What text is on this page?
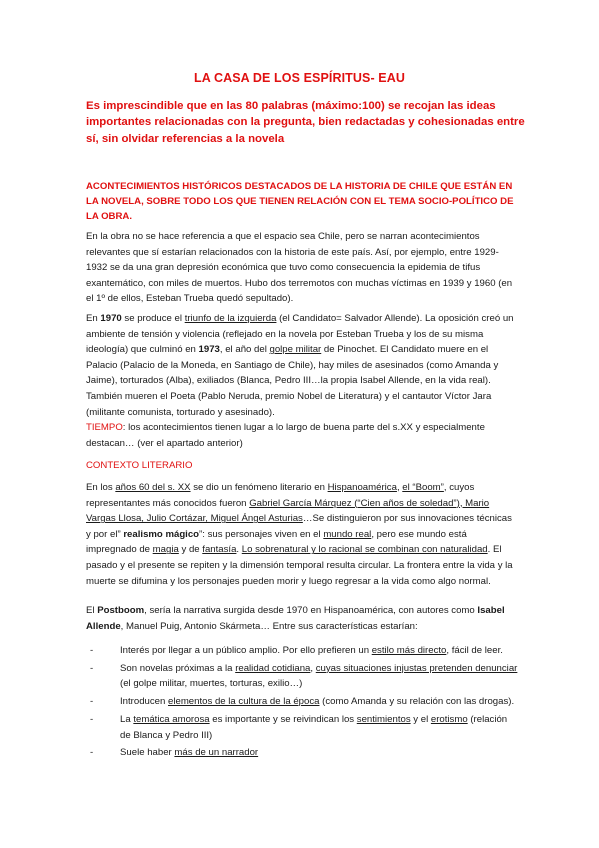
LA CASA DE LOS ESPÍRITUS- EAU
Es imprescindible que en las 80 palabras (máximo:100) se recojan las ideas importantes relacionadas con la pregunta, bien redactadas y cohesionadas entre sí, sin olvidar referencias a la novela
ACONTECIMIENTOS HISTÓRICOS DESTACADOS DE LA HISTORIA DE CHILE QUE ESTÁN EN LA NOVELA, SOBRE TODO LOS QUE TIENEN RELACIÓN CON EL TEMA SOCIO-POLÍTICO DE LA OBRA.

En la obra no se hace referencia a que el espacio sea Chile, pero se narran acontecimientos relevantes que sí estarían relacionados con la historia de este país. Así, por ejemplo, entre 1929-1932 se da una gran depresión económica que tuvo como consecuencia la epidemia de tifus exantemático, con miles de muertos. Hubo dos terremotos con muchas víctimas en 1939 y 1960 (en el 1º de ellos, Esteban Trueba quedó sepultado).

En 1970 se produce el triunfo de la izquierda (el Candidato= Salvador Allende). La oposición creó un ambiente de tensión y violencia (reflejado en la novela por Esteban Trueba y los de su misma ideología) que culminó en 1973, el año del golpe militar de Pinochet. El Candidato muere en el Palacio (Palacio de la Moneda, en Santiago de Chile), hay miles de asesinados (como Amanda y Jaime), torturados (Alba), exiliados (Blanca, Pedro III…la propia Isabel Allende, en la vida real). También mueren el Poeta (Pablo Neruda, premio Nobel de Literatura) y el cantautor Víctor Jara (militante comunista, torturado y asesinado).

TIEMPO: los acontecimientos tienen lugar a lo largo de buena parte del s.XX y especialmente destacan… (ver el apartado anterior)

CONTEXTO LITERARIO

En los años 60 del s. XX se dio un fenómeno literario en Hispanoamérica, el “Boom”, cuyos representantes más conocidos fueron Gabriel García Márquez (“Cien años de soledad”), Mario Vargas Llosa, Julio Cortázar, Miguel Ángel Asturias…Se distinguieron por sus innovaciones técnicas y por el” realismo mágico”: sus personajes viven en el mundo real, pero ese mundo está impregnado de magia y de fantasía. Lo sobrenatural y lo racional se combinan con naturalidad. El pasado y el presente se repiten y la dimensión temporal resulta circular. La frontera entre la vida y la muerte se difumina y los personajes pueden morir y luego regresar a la vida como algo normal.

El Postboom, sería la narrativa surgida desde 1970 en Hispanoamérica, con autores como Isabel Allende, Manuel Puig, Antonio Skármeta… Entre sus características estarían:

-	Interés por llegar a un público amplio. Por ello prefieren un estilo más directo, fácil de leer.
-	Son novelas próximas a la realidad cotidiana, cuyas situaciones injustas pretenden denunciar (el golpe militar, muertes, torturas, exilio…)
-	Introducen elementos de la cultura de la época (como Amanda y su relación con las drogas).
-	La temática amorosa es importante y se reivindican los sentimientos y el erotismo (relación de Blanca y Pedro III)
-	Suele haber más de un narrador
